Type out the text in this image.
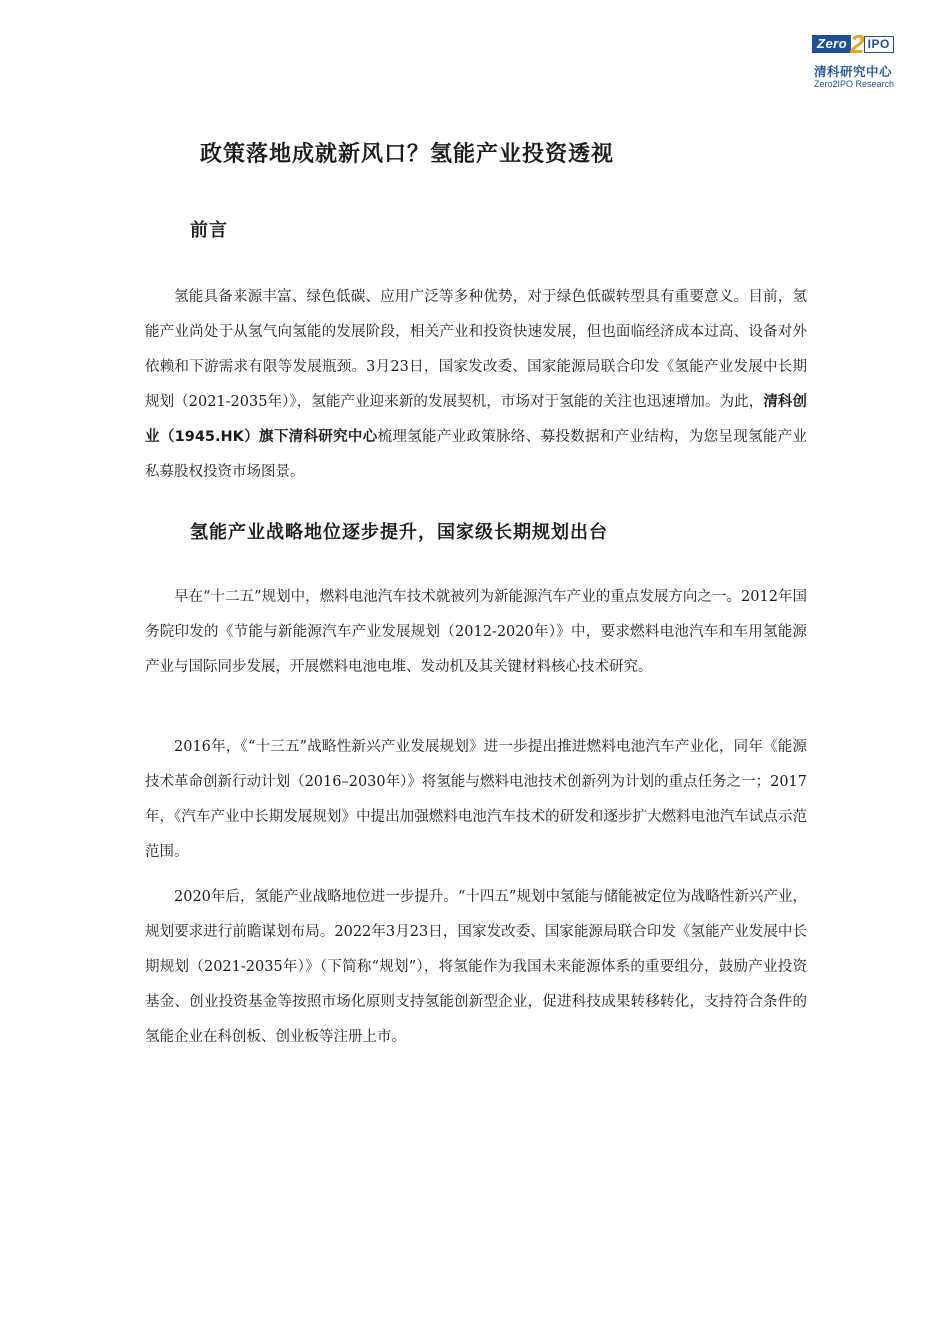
Zero 2 IPO
清科研究中心
Zero2IPO Research
政策落地成就新风口？氢能产业投资透视
前言

氢能具备来源丰富、绿色低碳、应用广泛等多种优势，对于绿色低碳转型具有重要意义。目前，氢能产业尚处于从氢气向氢能的发展阶段，相关产业和投资快速发展，但也面临经济成本过高、设备对外依赖和下游需求有限等发展瓶颈。3月23日，国家发改委、国家能源局联合印发《氢能产业发展中长期规划（2021-2035年）》，氢能产业迎来新的发展契机，市场对于氢能的关注也迅速增加。为此，清科创业（1945.HK）旗下清科研究中心梳理氢能产业政策脉络、募投数据和产业结构，为您呈现氢能产业私募股权投资市场图景。

氢能产业战略地位逐步提升，国家级长期规划出台

早在“十二五”规划中，燃料电池汽车技术就被列为新能源汽车产业的重点发展方向之一。2012年国务院印发的《节能与新能源汽车产业发展规划（2012-2020年）》中，要求燃料电池汽车和车用氢能源产业与国际同步发展，开展燃料电池电堆、发动机及其关键材料核心技术研究。

2016年，《“十三五”战略性新兴产业发展规划》进一步提出推进燃料电池汽车产业化，同年《能源技术革命创新行动计划（2016–2030年）》将氢能与燃料电池技术创新列为计划的重点任务之一；2017年，《汽车产业中长期发展规划》中提出加强燃料电池汽车技术的研发和逐步扩大燃料电池汽车试点示范范围。

2020年后，氢能产业战略地位进一步提升。“十四五”规划中氢能与储能被定位为战略性新兴产业，规划要求进行前瞻谋划布局。2022年3月23日，国家发改委、国家能源局联合印发《氢能产业发展中长期规划（2021-2035年）》（下简称“规划”），将氢能作为我国未来能源体系的重要组分，鼓励产业投资基金、创业投资基金等按照市场化原则支持氢能创新型企业，促进科技成果转移转化，支持符合条件的氢能企业在科创板、创业板等注册上市。
